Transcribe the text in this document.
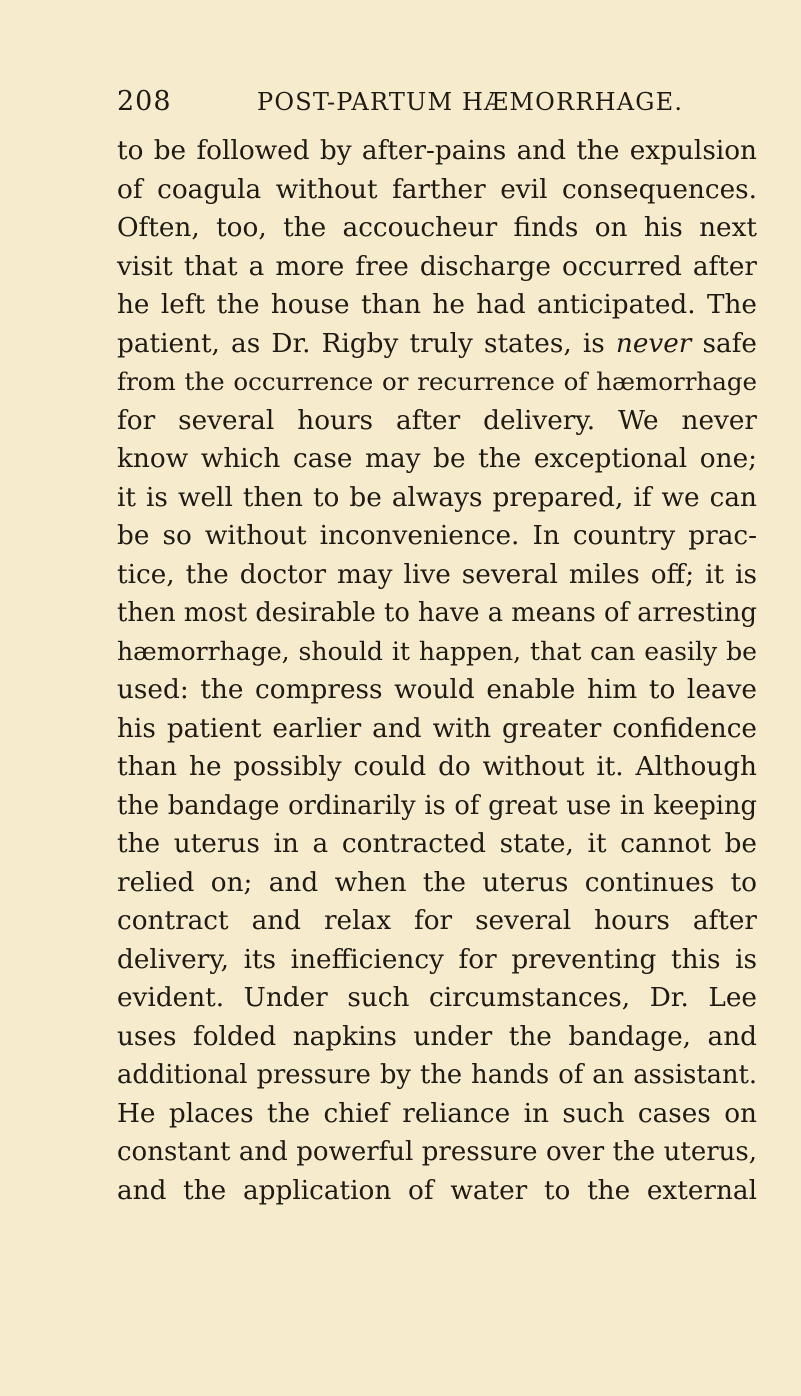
208	POST-PARTUM HÆMORRHAGE.
to be followed by after-pains and the expulsion
of coagula without farther evil consequences.
Often, too, the accoucheur finds on his next
visit that a more free discharge occurred after
he left the house than he had anticipated. The
patient, as Dr. Rigby truly states, is never safe
from the occurrence or recurrence of hæmorrhage
for several hours after delivery. We never
know which case may be the exceptional one;
it is well then to be always prepared, if we can
be so without inconvenience. In country prac-
tice, the doctor may live several miles off; it is
then most desirable to have a means of arresting
hæmorrhage, should it happen, that can easily be
used: the compress would enable him to leave
his patient earlier and with greater confidence
than he possibly could do without it. Although
the bandage ordinarily is of great use in keeping
the uterus in a contracted state, it cannot be
relied on; and when the uterus continues to
contract and relax for several hours after
delivery, its inefficiency for preventing this is
evident. Under such circumstances, Dr. Lee
uses folded napkins under the bandage, and
additional pressure by the hands of an assistant.
He places the chief reliance in such cases on
constant and powerful pressure over the uterus,
and the application of water to the external
